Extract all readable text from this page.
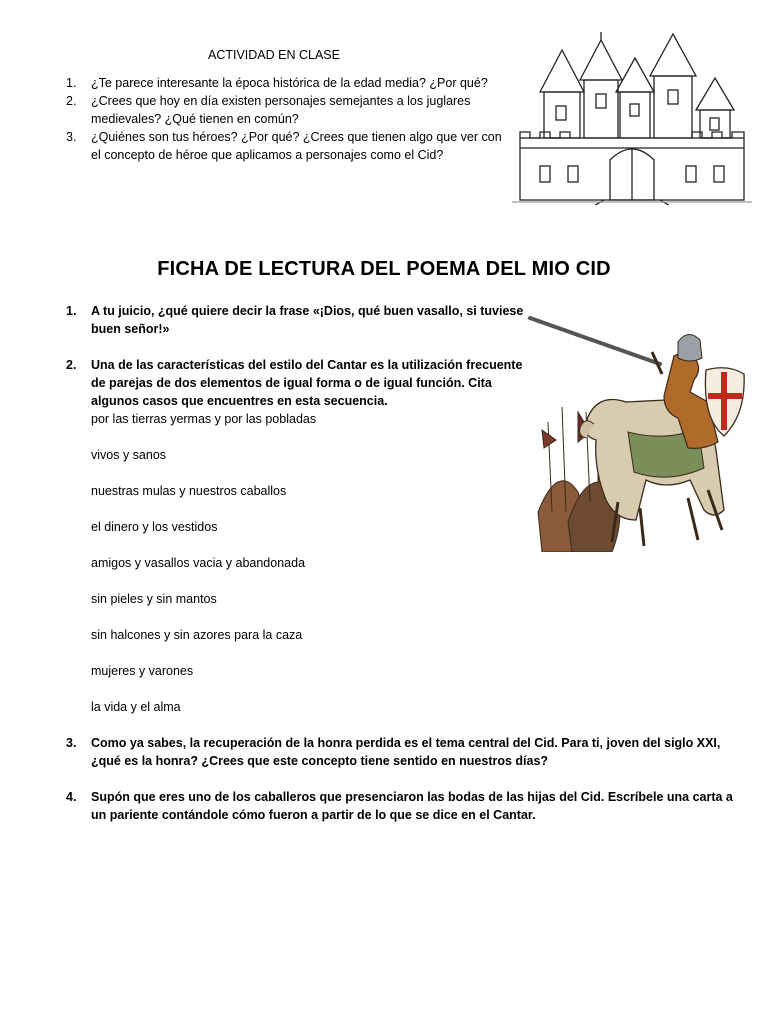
ACTIVIDAD EN CLASE
1. ¿Te parece interesante la época histórica de la edad media? ¿Por qué?
2. ¿Crees que hoy en día existen personajes semejantes a los juglares medievales? ¿Qué tienen en común?
3. ¿Quiénes son tus héroes? ¿Por qué? ¿Crees que tienen algo que ver con el concepto de héroe que aplicamos a personajes como el Cid?
FICHA DE LECTURA DEL POEMA DEL MIO CID
1. A tu juicio, ¿qué quiere decir la frase «¡Dios, qué buen vasallo, si tuviese buen señor!»
2. Una de las características del estilo del Cantar es la utilización frecuente de parejas de dos elementos de igual forma o de igual función. Cita algunos casos que encuentres en esta secuencia.
por las tierras yermas y por las pobladas
vivos y sanos
nuestras mulas y nuestros caballos
el dinero y los vestidos
amigos y vasallos vacia y abandonada
sin pieles y sin mantos
sin halcones y sin azores para la caza
mujeres y varones
la vida y el alma
3. Como ya sabes, la recuperación de la honra perdida es el tema central del Cid. Para ti, joven del siglo XXI, ¿qué es la honra? ¿Crees que este concepto tiene sentido en nuestros días?
4. Supón que eres uno de los caballeros que presenciaron las bodas de las hijas del Cid. Escríbele una carta a un pariente contándole cómo fueron a partir de lo que se dice en el Cantar.
